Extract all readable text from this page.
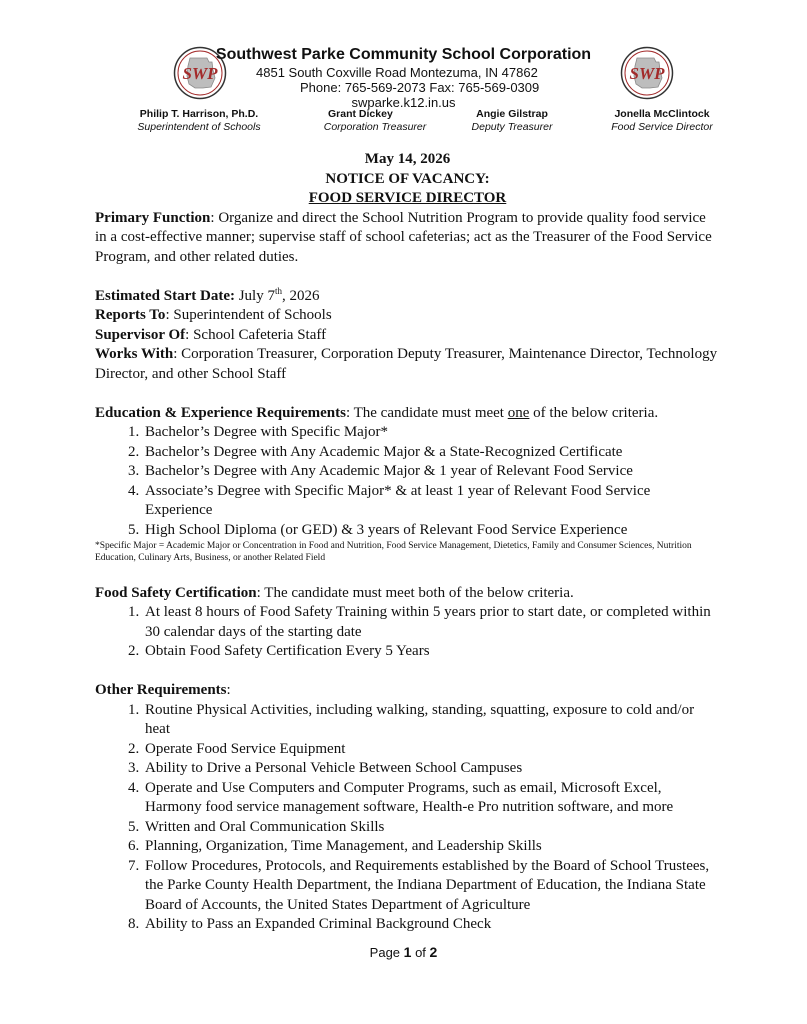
SWP	SWP
Southwest Parke Community School Corporation
4851 South Coxville Road Montezuma, IN 47862
Phone: 765-569-2073 Fax: 765-569-0309
swparke.k12.in.us
Philip T. Harrison, Ph.D.
Superintendent of Schools
Grant Dickey
Corporation Treasurer
Angie Gilstrap
Deputy Treasurer
Jonella McClintock
Food Service Director

May 14, 2026

NOTICE OF VACANCY:

FOOD SERVICE DIRECTOR

Primary Function: Organize and direct the School Nutrition Program to provide quality food service in a cost-effective manner; supervise staff of school cafeterias; act as the Treasurer of the Food Service Program, and other related duties.

Estimated Start Date: July 7th, 2026

Reports To: Superintendent of Schools

Supervisor Of: School Cafeteria Staff

Works With: Corporation Treasurer, Corporation Deputy Treasurer, Maintenance Director, Technology Director, and other School Staff

Education & Experience Requirements: The candidate must meet one of the below criteria.

1. Bachelor’s Degree with Specific Major*
2. Bachelor’s Degree with Any Academic Major & a State-Recognized Certificate
3. Bachelor’s Degree with Any Academic Major & 1 year of Relevant Food Service
4. Associate’s Degree with Specific Major* & at least 1 year of Relevant Food Service Experience
5. High School Diploma (or GED) & 3 years of Relevant Food Service Experience

*Specific Major = Academic Major or Concentration in Food and Nutrition, Food Service Management, Dietetics, Family and Consumer Sciences, Nutrition Education, Culinary Arts, Business, or another Related Field

Food Safety Certification: The candidate must meet both of the below criteria.

1. At least 8 hours of Food Safety Training within 5 years prior to start date, or completed within 30 calendar days of the starting date
2. Obtain Food Safety Certification Every 5 Years

Other Requirements:

1. Routine Physical Activities, including walking, standing, squatting, exposure to cold and/or heat
2. Operate Food Service Equipment
3. Ability to Drive a Personal Vehicle Between School Campuses
4. Operate and Use Computers and Computer Programs, such as email, Microsoft Excel, Harmony food service management software, Health-e Pro nutrition software, and more
5. Written and Oral Communication Skills
6. Planning, Organization, Time Management, and Leadership Skills
7. Follow Procedures, Protocols, and Requirements established by the Board of School Trustees, the Parke County Health Department, the Indiana Department of Education, the Indiana State Board of Accounts, the United States Department of Agriculture
8. Ability to Pass an Expanded Criminal Background Check
Page 1 of 2
